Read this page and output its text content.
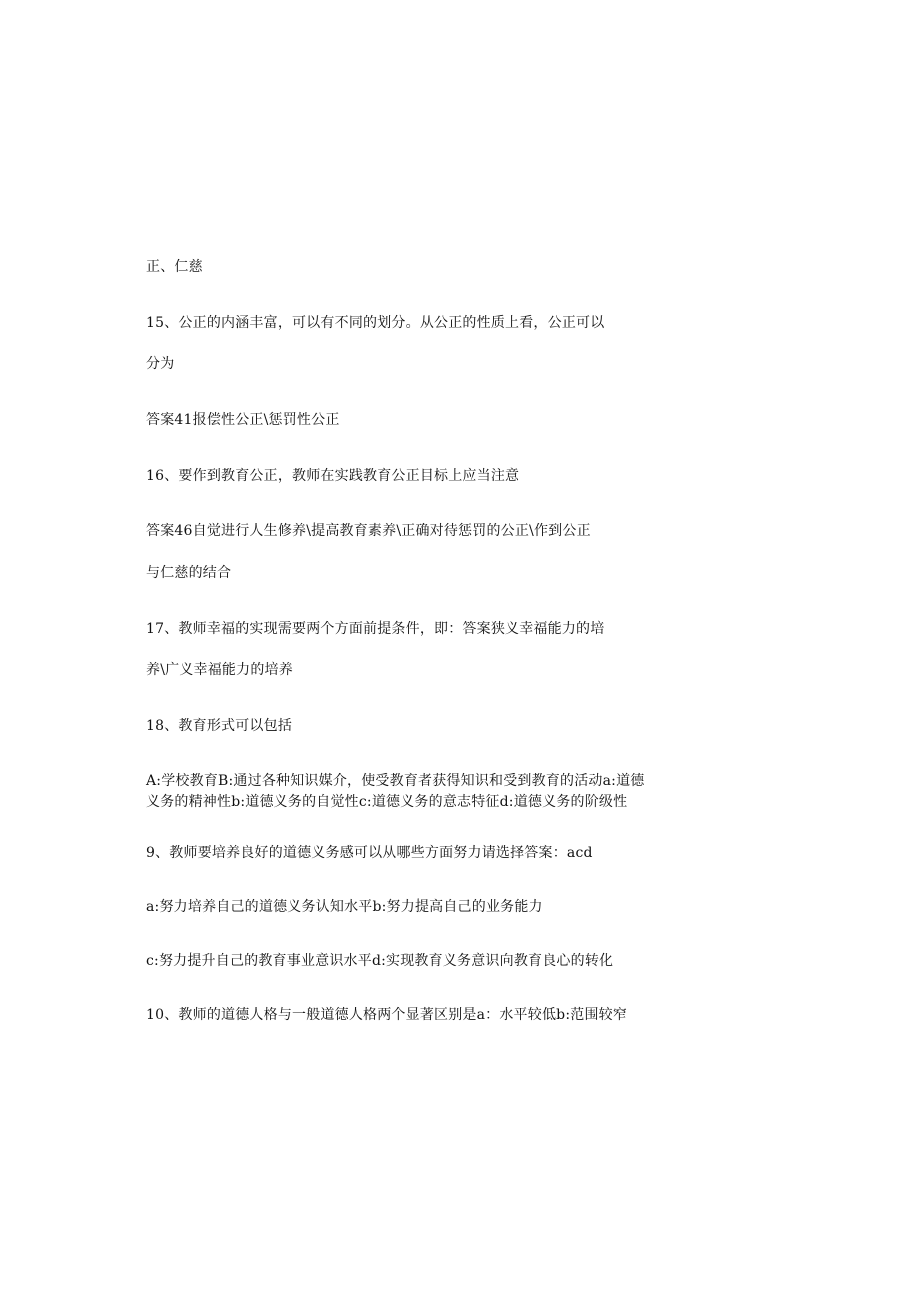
正、仁慈
15、公正的内涵丰富，可以有不同的划分。从公正的性质上看，公正可以
分为
答案41报偿性公正\惩罚性公正
16、要作到教育公正，教师在实践教育公正目标上应当注意
答案46自觉进行人生修养\提高教育素养\正确对待惩罚的公正\作到公正
与仁慈的结合
17、教师幸福的实现需要两个方面前提条件，即：答案狭义幸福能力的培
养\广义幸福能力的培养
18、教育形式可以包括
A:学校教育B:通过各种知识媒介，使受教育者获得知识和受到教育的活动a:道德
义务的精神性b:道德义务的自觉性c:道德义务的意志特征d:道德义务的阶级性
9、教师要培养良好的道德义务感可以从哪些方面努力请选择答案：acd
a:努力培养自己的道德义务认知水平b:努力提高自己的业务能力
c:努力提升自己的教育事业意识水平d:实现教育义务意识向教育良心的转化
10、教师的道德人格与一般道德人格两个显著区别是a：水平较低b:范围较窄
